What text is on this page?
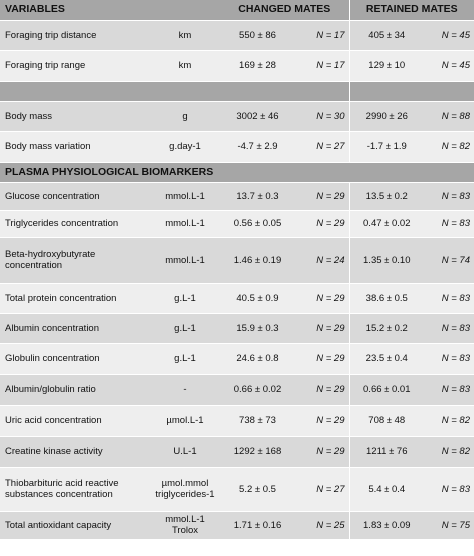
VARIABLES		CHANGED MATES		RETAINED MATES	
Foraging trip distance	km	550 ± 86	N = 17	405 ± 34	N = 45
Foraging trip range	km	169 ± 28	N = 17	129 ± 10	N = 45

Body mass	g	3002 ± 46	N = 30	2990 ± 26	N = 88
Body mass variation	g.day-1	-4.7 ± 2.9	N = 27	-1.7 ± 1.9	N = 82
PLASMA PHYSIOLOGICAL BIOMARKERS					
Glucose concentration	mmol.L-1	13.7 ± 0.3	N = 29	13.5 ± 0.2	N = 83
Triglycerides concentration	mmol.L-1	0.56 ± 0.05	N = 29	0.47 ± 0.02	N = 83
Beta-hydroxybutyrate concentration	mmol.L-1	1.46 ± 0.19	N = 24	1.35 ± 0.10	N = 74
Total protein concentration	g.L-1	40.5 ± 0.9	N = 29	38.6 ± 0.5	N = 83
Albumin concentration	g.L-1	15.9 ± 0.3	N = 29	15.2 ± 0.2	N = 83
Globulin concentration	g.L-1	24.6 ± 0.8	N = 29	23.5 ± 0.4	N = 83
Albumin/globulin ratio	-	0.66 ± 0.02	N = 29	0.66 ± 0.01	N = 83
Uric acid concentration	µmol.L-1	738 ± 73	N = 29	708 ± 48	N = 82
Creatine kinase activity	U.L-1	1292 ± 168	N = 29	1211 ± 76	N = 82
Thiobarbituric acid reactive substances concentration	µmol.mmol triglycerides-1	5.2 ± 0.5	N = 27	5.4 ± 0.4	N = 83
Total antioxidant capacity	mmol.L-1 Trolox	1.71 ± 0.16	N = 25	1.83 ± 0.09	N = 75
